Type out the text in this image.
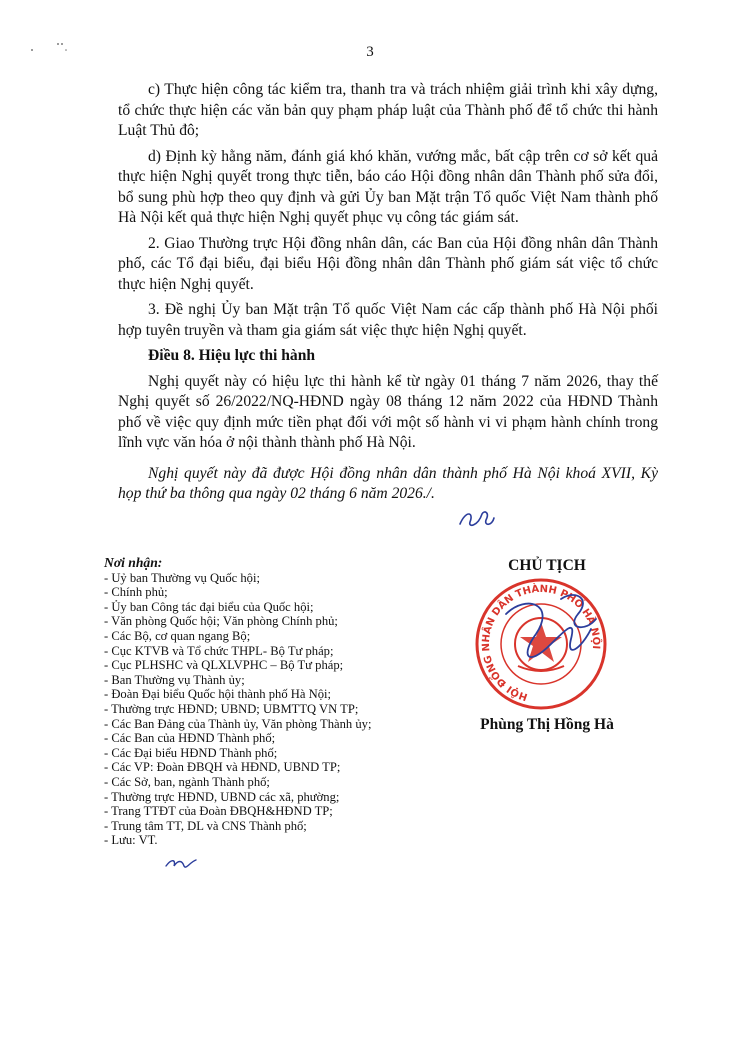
3

c) Thực hiện công tác kiểm tra, thanh tra và trách nhiệm giải trình khi xây dựng, tổ chức thực hiện các văn bản quy phạm pháp luật của Thành phố để tổ chức thi hành Luật Thủ đô;

d) Định kỳ hằng năm, đánh giá khó khăn, vướng mắc, bất cập trên cơ sở kết quả thực hiện Nghị quyết trong thực tiễn, báo cáo Hội đồng nhân dân Thành phố sửa đổi, bổ sung phù hợp theo quy định và gửi Ủy ban Mặt trận Tổ quốc Việt Nam thành phố Hà Nội kết quả thực hiện Nghị quyết phục vụ công tác giám sát.

2. Giao Thường trực Hội đồng nhân dân, các Ban của Hội đồng nhân dân Thành phố, các Tổ đại biểu, đại biểu Hội đồng nhân dân Thành phố giám sát việc tổ chức thực hiện Nghị quyết.

3. Đề nghị Ủy ban Mặt trận Tổ quốc Việt Nam các cấp thành phố Hà Nội phối hợp tuyên truyền và tham gia giám sát việc thực hiện Nghị quyết.

Điều 8. Hiệu lực thi hành

Nghị quyết này có hiệu lực thi hành kể từ ngày 01 tháng 7 năm 2026, thay thế Nghị quyết số 26/2022/NQ-HĐND ngày 08 tháng 12 năm 2022 của HĐND Thành phố về việc quy định mức tiền phạt đối với một số hành vi vi phạm hành chính trong lĩnh vực văn hóa ở nội thành thành phố Hà Nội.

Nghị quyết này đã được Hội đồng nhân dân thành phố Hà Nội khoá XVII, Kỳ họp thứ ba thông qua ngày 02 tháng 6 năm 2026./.

Nơi nhận:
- Uỷ ban Thường vụ Quốc hội;
- Chính phủ;
- Ủy ban Công tác đại biểu của Quốc hội;
- Văn phòng Quốc hội; Văn phòng Chính phủ;
- Các Bộ, cơ quan ngang Bộ;
- Cục KTVB và Tổ chức THPL- Bộ Tư pháp;
- Cục PLHSHC và QLXLVPHC – Bộ Tư pháp;
- Ban Thường vụ Thành ủy;
- Đoàn Đại biểu Quốc hội thành phố Hà Nội;
- Thường trực HĐND; UBND; UBMTTQ VN TP;
- Các Ban Đảng của Thành ủy, Văn phòng Thành ủy;
- Các Ban của HĐND Thành phố;
- Các Đại biểu HĐND Thành phố;
- Các VP: Đoàn ĐBQH và HĐND, UBND TP;
- Các Sở, ban, ngành Thành phố;
- Thường trực HĐND, UBND các xã, phường;
- Trang TTĐT của Đoàn ĐBQH&HĐND TP;
- Trung tâm TT, DL và CNS Thành phố;
- Lưu: VT.
CHỦ TỊCH
HỘI ĐỒNG NHÂN DÂN THÀNH PHỐ HÀ NỘI
Phùng Thị Hồng Hà
